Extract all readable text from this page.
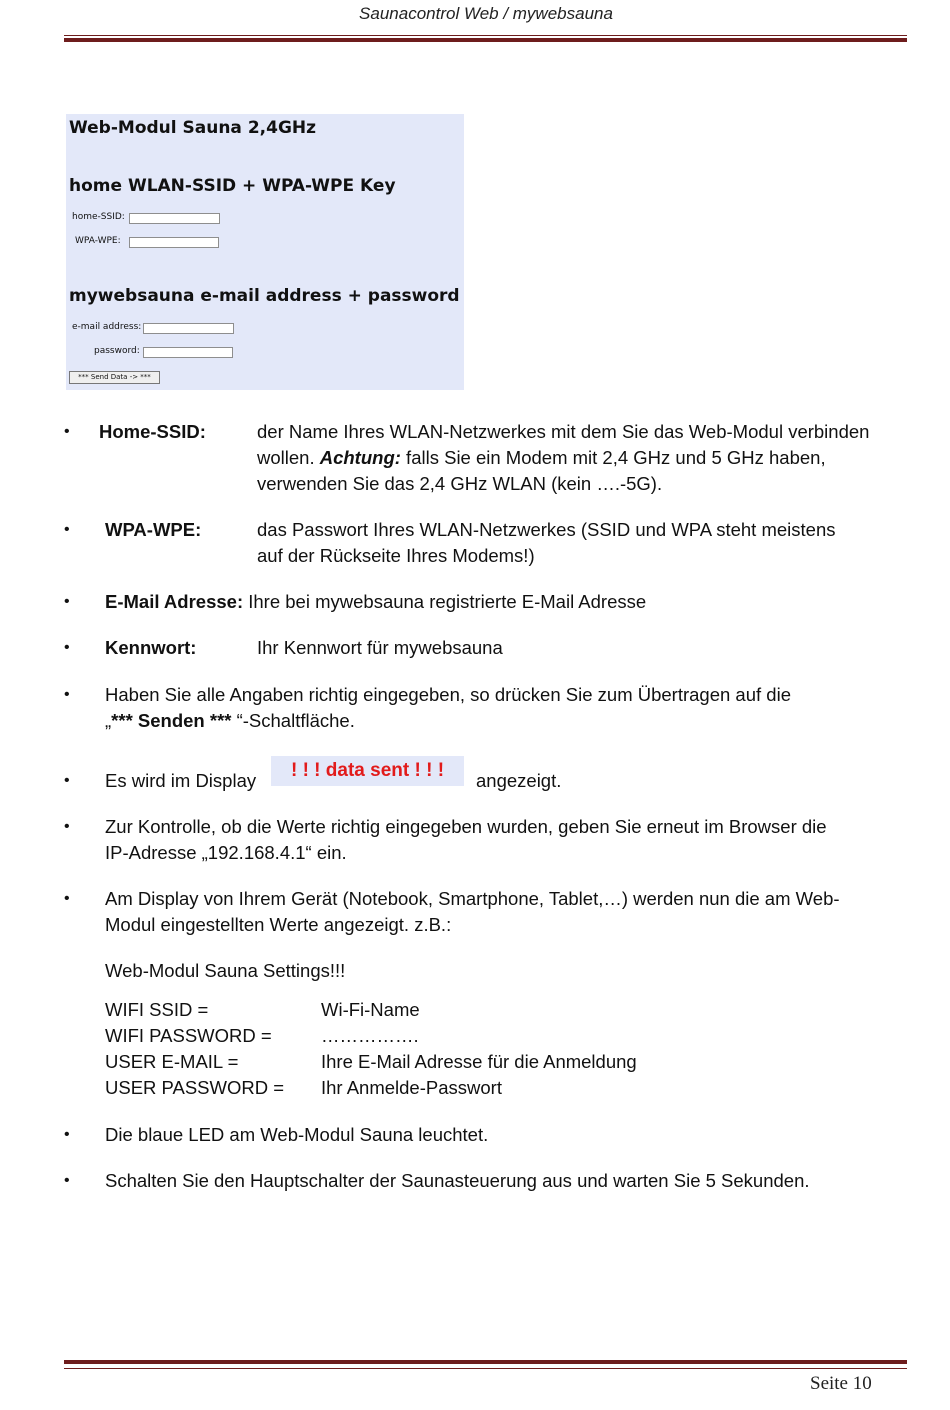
Saunacontrol Web / mywebsauna
Web-Modul Sauna 2,4GHz
home WLAN-SSID + WPA-WPE Key
home-SSID:
WPA-WPE:
mywebsauna e-mail address + password
e-mail address:
password:
*** Send Data -> ***
• Home-SSID:	der Name Ihres WLAN-Netzwerkes mit dem Sie das Web-Modul verbinden
wollen. Achtung: falls Sie ein Modem mit 2,4 GHz und 5 GHz haben,
verwenden Sie das 2,4 GHz WLAN (kein ….-5G).
• WPA-WPE:	das Passwort Ihres WLAN-Netzwerkes (SSID und WPA steht meistens
auf der Rückseite Ihres Modems!)
• E-Mail Adresse: Ihre bei mywebsauna registrierte E-Mail Adresse
• Kennwort:	Ihr Kennwort für mywebsauna
• Haben Sie alle Angaben richtig eingegeben, so drücken Sie zum Übertragen auf die
„*** Senden *** “-Schaltfläche.
• Es wird im Display	! ! ! data sent ! ! !	angezeigt.
• Zur Kontrolle, ob die Werte richtig eingegeben wurden, geben Sie erneut im Browser die
IP-Adresse „192.168.4.1“ ein.
• Am Display von Ihrem Gerät (Notebook, Smartphone, Tablet,…) werden nun die am Web-
Modul eingestellten Werte angezeigt. z.B.:
Web-Modul Sauna Settings!!!
WIFI SSID =	Wi-Fi-Name
WIFI PASSWORD =	…………….
USER E-MAIL =	Ihre E-Mail Adresse für die Anmeldung
USER PASSWORD = Ihr Anmelde-Passwort
• Die blaue LED am Web-Modul Sauna leuchtet.
• Schalten Sie den Hauptschalter der Saunasteuerung aus und warten Sie 5 Sekunden.
Seite 10
